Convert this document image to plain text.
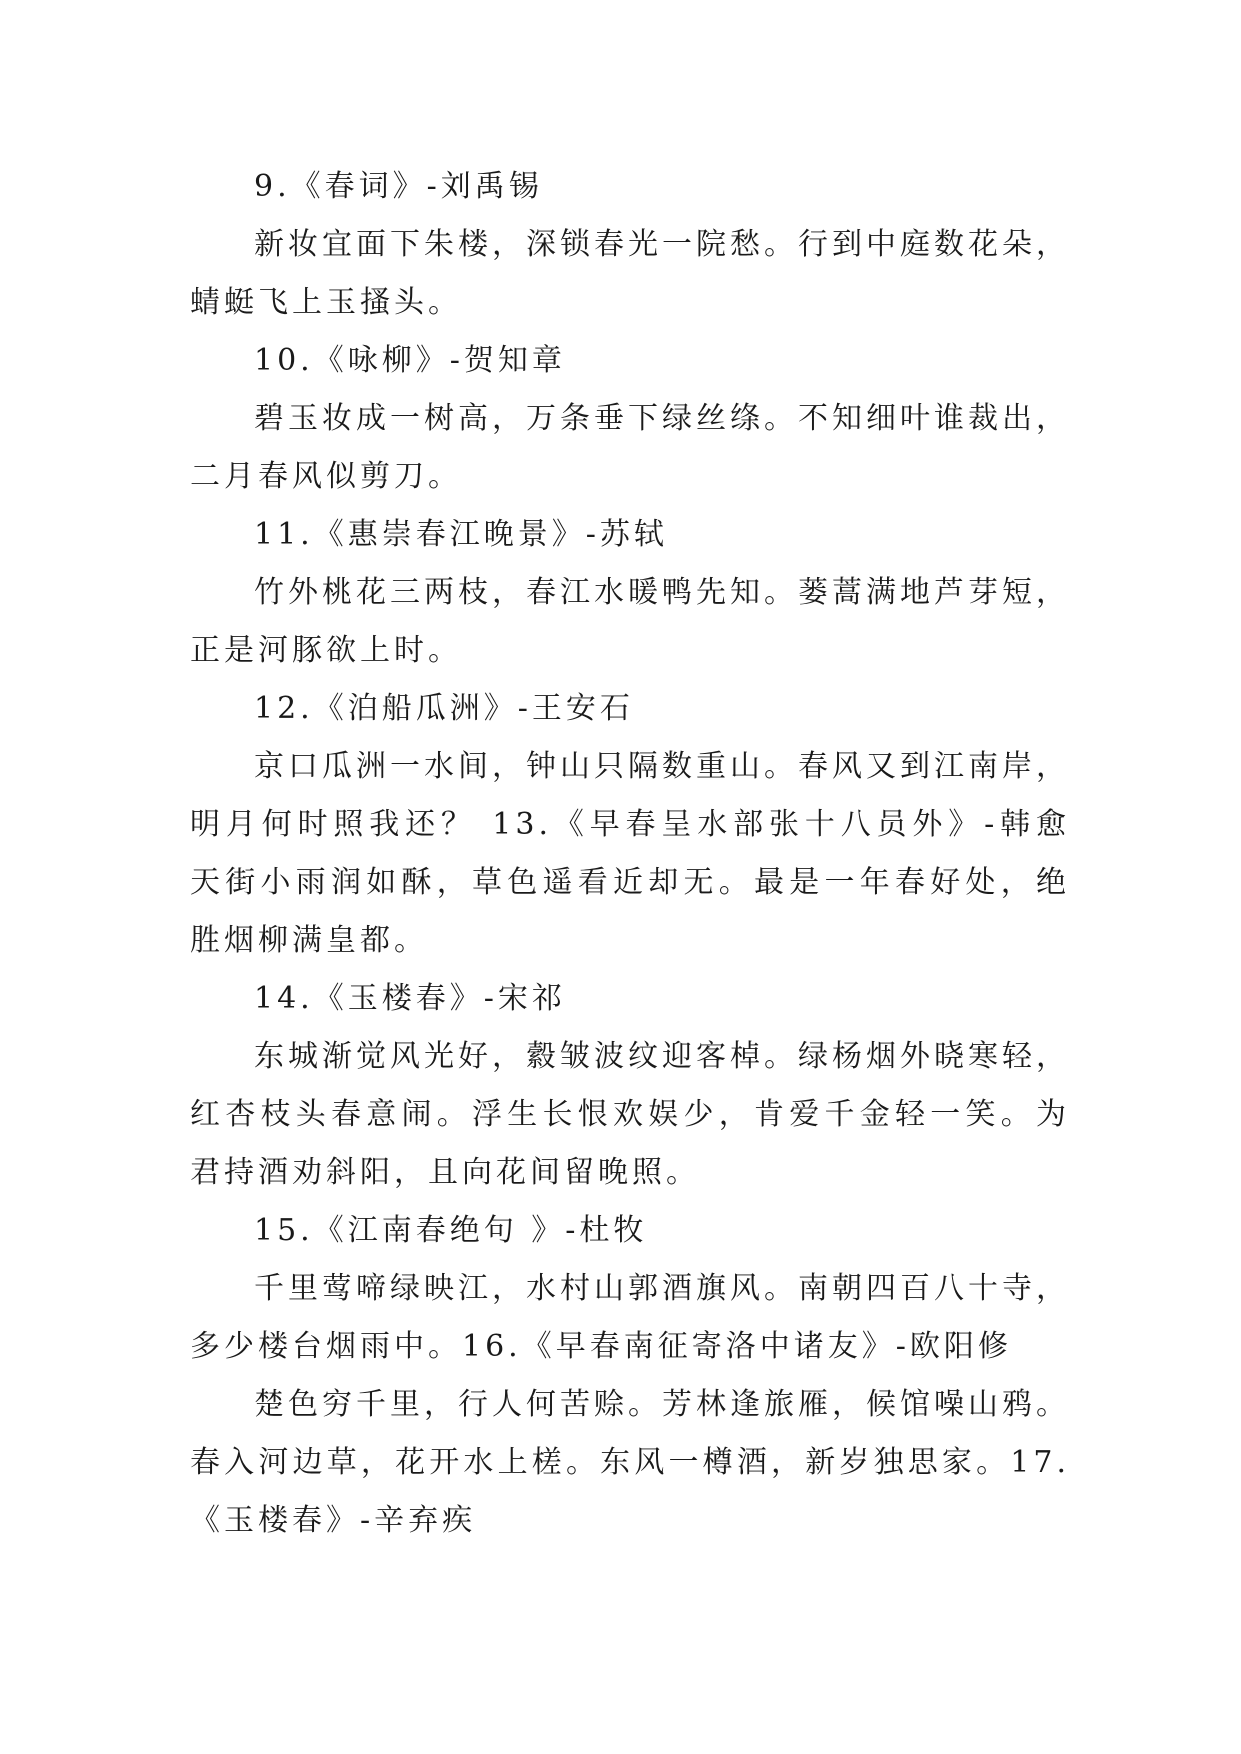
9.《春词》-刘禹锡

新妆宜面下朱楼，深锁春光一院愁。行到中庭数花朵，蜻蜓飞上玉搔头。

10.《咏柳》-贺知章

碧玉妆成一树高，万条垂下绿丝绦。不知细叶谁裁出，二月春风似剪刀。

11.《惠崇春江晚景》-苏轼

竹外桃花三两枝，春江水暖鸭先知。蒌蒿满地芦芽短，正是河豚欲上时。

12.《泊船瓜洲》-王安石

京口瓜洲一水间，钟山只隔数重山。春风又到江南岸，明月何时照我还？ 13.《早春呈水部张十八员外》-韩愈 天街小雨润如酥，草色遥看近却无。最是一年春好处，绝胜烟柳满皇都。

14.《玉楼春》-宋祁

东城渐觉风光好，縠皱波纹迎客棹。绿杨烟外晓寒轻，红杏枝头春意闹。浮生长恨欢娱少，肯爱千金轻一笑。为君持酒劝斜阳，且向花间留晚照。

15.《江南春绝句 》-杜牧

千里莺啼绿映江，水村山郭酒旗风。南朝四百八十寺，多少楼台烟雨中。16.《早春南征寄洛中诸友》-欧阳修

楚色穷千里，行人何苦赊。芳林逢旅雁，候馆噪山鸦。春入河边草，花开水上槎。东风一樽酒，新岁独思家。17.《玉楼春》-辛弃疾
